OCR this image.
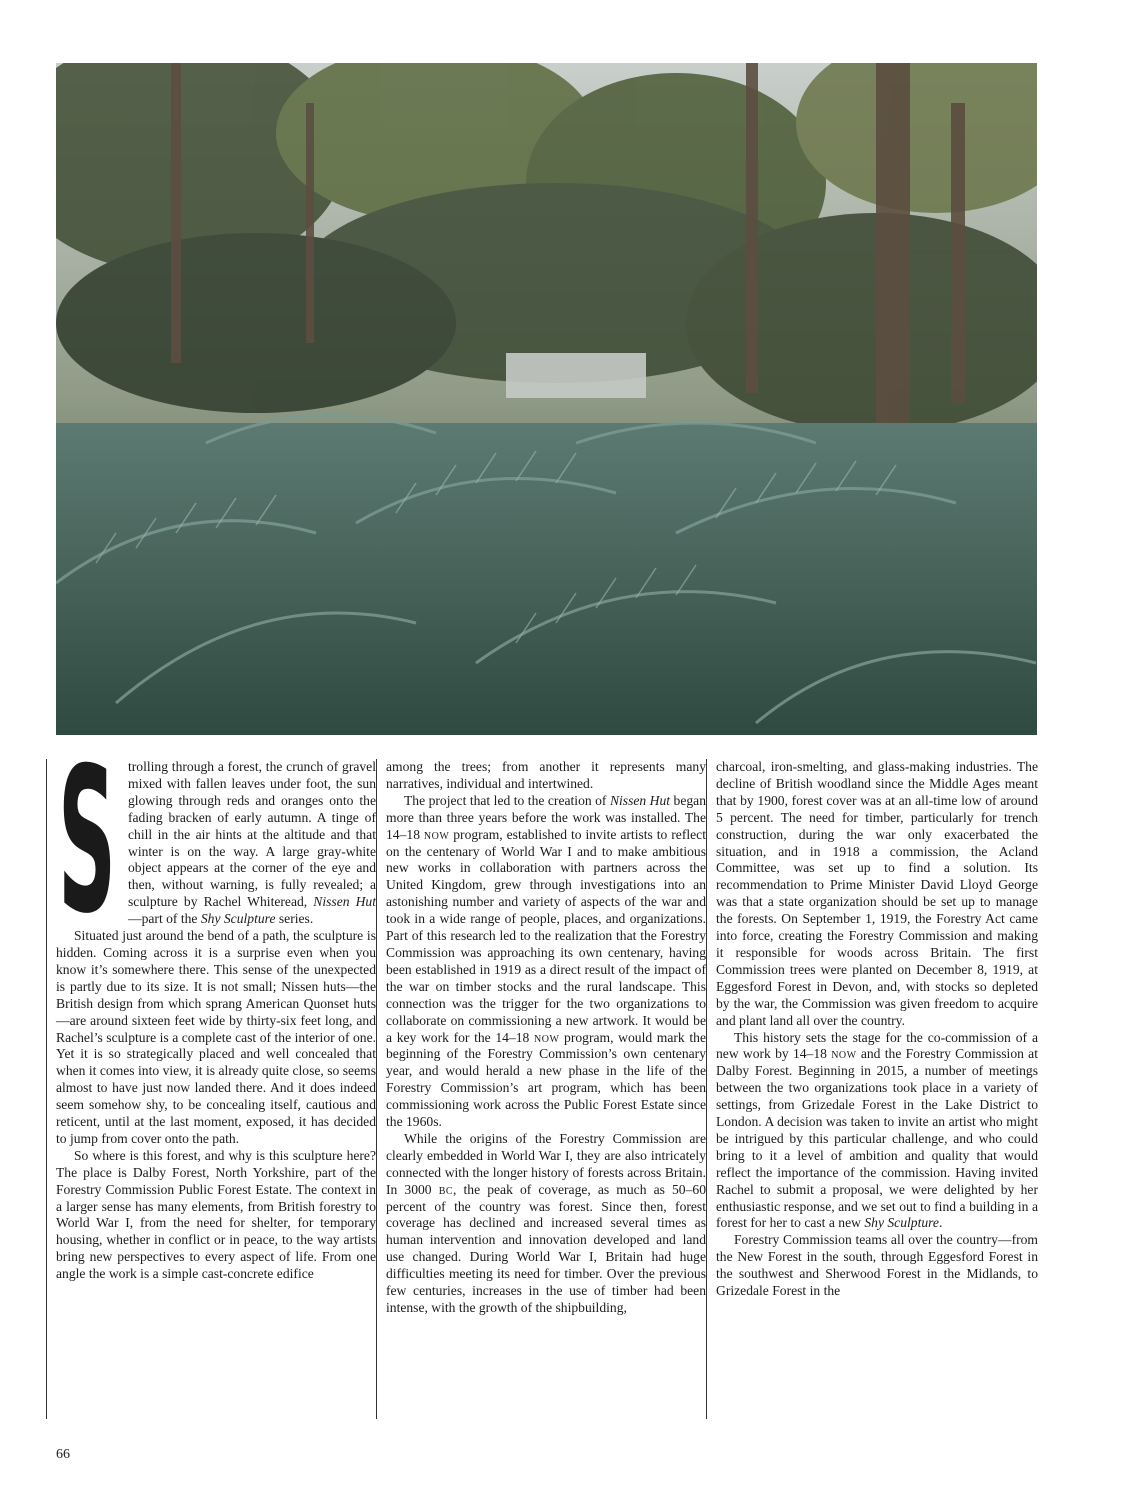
S trolling through a forest, the crunch of gravel mixed with fallen leaves under foot, the sun glowing through reds and oranges onto the fading bracken of early autumn. A tinge of chill in the air hints at the altitude and that winter is on the way. A large gray-white object appears at the corner of the eye and then, without warning, is fully revealed; a sculpture by Rachel Whiteread, Nissen Hut—part of the Shy Sculpture series.

Situated just around the bend of a path, the sculpture is hidden. Coming across it is a surprise even when you know it’s somewhere there. This sense of the unexpected is partly due to its size. It is not small; Nissen huts—the British design from which sprang American Quonset huts—are around sixteen feet wide by thirty-six feet long, and Rachel’s sculpture is a complete cast of the interior of one. Yet it is so strategically placed and well concealed that when it comes into view, it is already quite close, so seems almost to have just now landed there. And it does indeed seem somehow shy, to be concealing itself, cautious and reticent, until at the last moment, exposed, it has decided to jump from cover onto the path.

So where is this forest, and why is this sculpture here? The place is Dalby Forest, North Yorkshire, part of the Forestry Commission Public Forest Estate. The context in a larger sense has many elements, from British forestry to World War I, from the need for shelter, for temporary housing, whether in conflict or in peace, to the way artists bring new perspectives to every aspect of life. From one angle the work is a simple cast-concrete edifice

among the trees; from another it represents many narratives, individual and intertwined.

The project that led to the creation of Nissen Hut began more than three years before the work was installed. The 14–18 now program, established to invite artists to reflect on the centenary of World War I and to make ambitious new works in collaboration with partners across the United Kingdom, grew through investigations into an astonishing number and variety of aspects of the war and took in a wide range of people, places, and organizations. Part of this research led to the realization that the Forestry Commission was approaching its own centenary, having been established in 1919 as a direct result of the impact of the war on timber stocks and the rural landscape. This connection was the trigger for the two organizations to collaborate on commissioning a new artwork. It would be a key work for the 14–18 now program, would mark the beginning of the Forestry Commission’s own centenary year, and would herald a new phase in the life of the Forestry Commission’s art program, which has been commissioning work across the Public Forest Estate since the 1960s.

While the origins of the Forestry Commission are clearly embedded in World War I, they are also intricately connected with the longer history of forests across Britain. In 3000 bc, the peak of coverage, as much as 50–60 percent of the country was forest. Since then, forest coverage has declined and increased several times as human intervention and innovation developed and land use changed. During World War I, Britain had huge difficulties meeting its need for timber. Over the previous few centuries, increases in the use of timber had been intense, with the growth of the shipbuilding,

charcoal, iron-smelting, and glass-making industries. The decline of British woodland since the Middle Ages meant that by 1900, forest cover was at an all-time low of around 5 percent. The need for timber, particularly for trench construction, during the war only exacerbated the situation, and in 1918 a commission, the Acland Committee, was set up to find a solution. Its recommendation to Prime Minister David Lloyd George was that a state organization should be set up to manage the forests. On September 1, 1919, the Forestry Act came into force, creating the Forestry Commission and making it responsible for woods across Britain. The first Commission trees were planted on December 8, 1919, at Eggesford Forest in Devon, and, with stocks so depleted by the war, the Commission was given freedom to acquire and plant land all over the country.

This history sets the stage for the co-commission of a new work by 14–18 now and the Forestry Commission at Dalby Forest. Beginning in 2015, a number of meetings between the two organizations took place in a variety of settings, from Grizedale Forest in the Lake District to London. A decision was taken to invite an artist who might be intrigued by this particular challenge, and who could bring to it a level of ambition and quality that would reflect the importance of the commission. Having invited Rachel to submit a proposal, we were delighted by her enthusiastic response, and we set out to find a building in a forest for her to cast a new Shy Sculpture.

Forestry Commission teams all over the country—from the New Forest in the south, through Eggesford Forest in the southwest and Sherwood Forest in the Midlands, to Grizedale Forest in the

66
